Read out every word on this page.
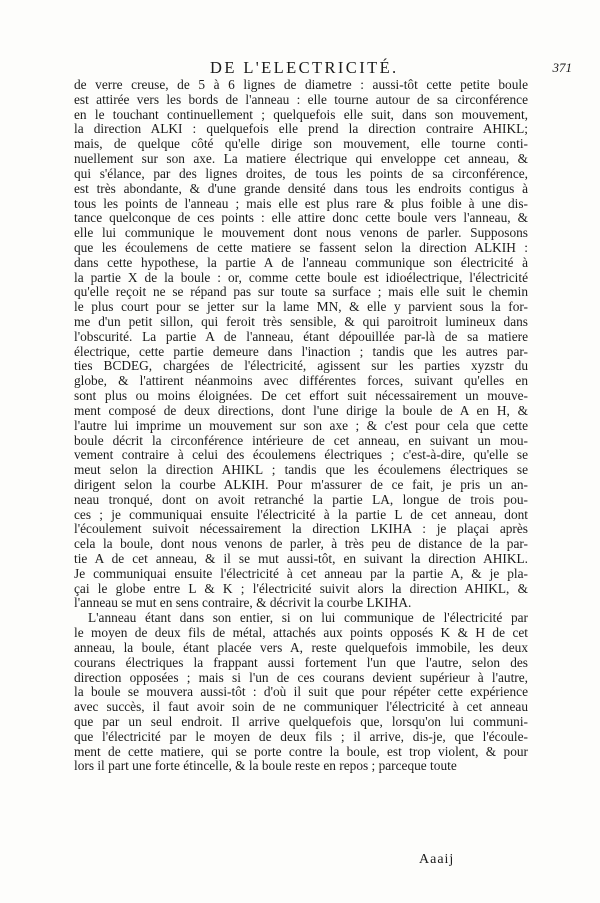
DE L'ELECTRICITÉ.	371
de verre creuse, de 5 à 6 lignes de diametre : aussi-tôt cette petite boule
est attirée vers les bords de l'anneau : elle tourne autour de sa circonférence
en le touchant continuellement ; quelquefois elle suit, dans son mouvement,
la direction ALKI : quelquefois elle prend la direction contraire AHIKL;
mais, de quelque côté qu'elle dirige son mouvement, elle tourne conti-
nuellement sur son axe. La matiere électrique qui enveloppe cet anneau, &
qui s'élance, par des lignes droites, de tous les points de sa circonférence,
est très abondante, & d'une grande densité dans tous les endroits contigus à
tous les points de l'anneau ; mais elle est plus rare & plus foible à une dis-
tance quelconque de ces points : elle attire donc cette boule vers l'anneau, &
elle lui communique le mouvement dont nous venons de parler. Supposons
que les écoulemens de cette matiere se fassent selon la direction ALKIH :
dans cette hypothese, la partie A de l'anneau communique son électricité à
la partie X de la boule : or, comme cette boule est idioélectrique, l'électricité
qu'elle reçoit ne se répand pas sur toute sa surface ; mais elle suit le chemin
le plus court pour se jetter sur la lame MN, & elle y parvient sous la for-
me d'un petit sillon, qui feroit très sensible, & qui paroitroit lumineux dans
l'obscurité. La partie A de l'anneau, étant dépouillée par-là de sa matiere
électrique, cette partie demeure dans l'inaction ; tandis que les autres par-
ties BCDEG, chargées de l'électricité, agissent sur les parties xyzstr du
globe, & l'attirent néanmoins avec différentes forces, suivant qu'elles en
sont plus ou moins éloignées. De cet effort suit nécessairement un mouve-
ment composé de deux directions, dont l'une dirige la boule de A en H, &
l'autre lui imprime un mouvement sur son axe ; & c'est pour cela que cette
boule décrit la circonférence intérieure de cet anneau, en suivant un mou-
vement contraire à celui des écoulemens électriques ; c'est-à-dire, qu'elle se
meut selon la direction AHIKL ; tandis que les écoulemens électriques se
dirigent selon la courbe ALKIH. Pour m'assurer de ce fait, je pris un an-
neau tronqué, dont on avoit retranché la partie LA, longue de trois pou-
ces ; je communiquai ensuite l'électricité à la partie L de cet anneau, dont
l'écoulement suivoit nécessairement la direction LKIHA : je plaçai après
cela la boule, dont nous venons de parler, à très peu de distance de la par-
tie A de cet anneau, & il se mut aussi-tôt, en suivant la direction AHIKL.
Je communiquai ensuite l'électricité à cet anneau par la partie A, & je pla-
çai le globe entre L & K ; l'électricité suivit alors la direction AHIKL, &
l'anneau se mut en sens contraire, & décrivit la courbe LKIHA.
L'anneau étant dans son entier, si on lui communique de l'électricité par
le moyen de deux fils de métal, attachés aux points opposés K & H de cet
anneau, la boule, étant placée vers A, reste quelquefois immobile, les deux
courans électriques la frappant aussi fortement l'un que l'autre, selon des
direction opposées ; mais si l'un de ces courans devient supérieur à l'autre,
la boule se mouvera aussi-tôt : d'où il suit que pour répéter cette expérience
avec succès, il faut avoir soin de ne communiquer l'électricité à cet anneau
que par un seul endroit. Il arrive quelquefois que, lorsqu'on lui communi-
que l'électricité par le moyen de deux fils ; il arrive, dis-je, que l'écoule-
ment de cette matiere, qui se porte contre la boule, est trop violent, & pour
lors il part une forte étincelle, & la boule reste en repos ; parceque toute
Aaaij
